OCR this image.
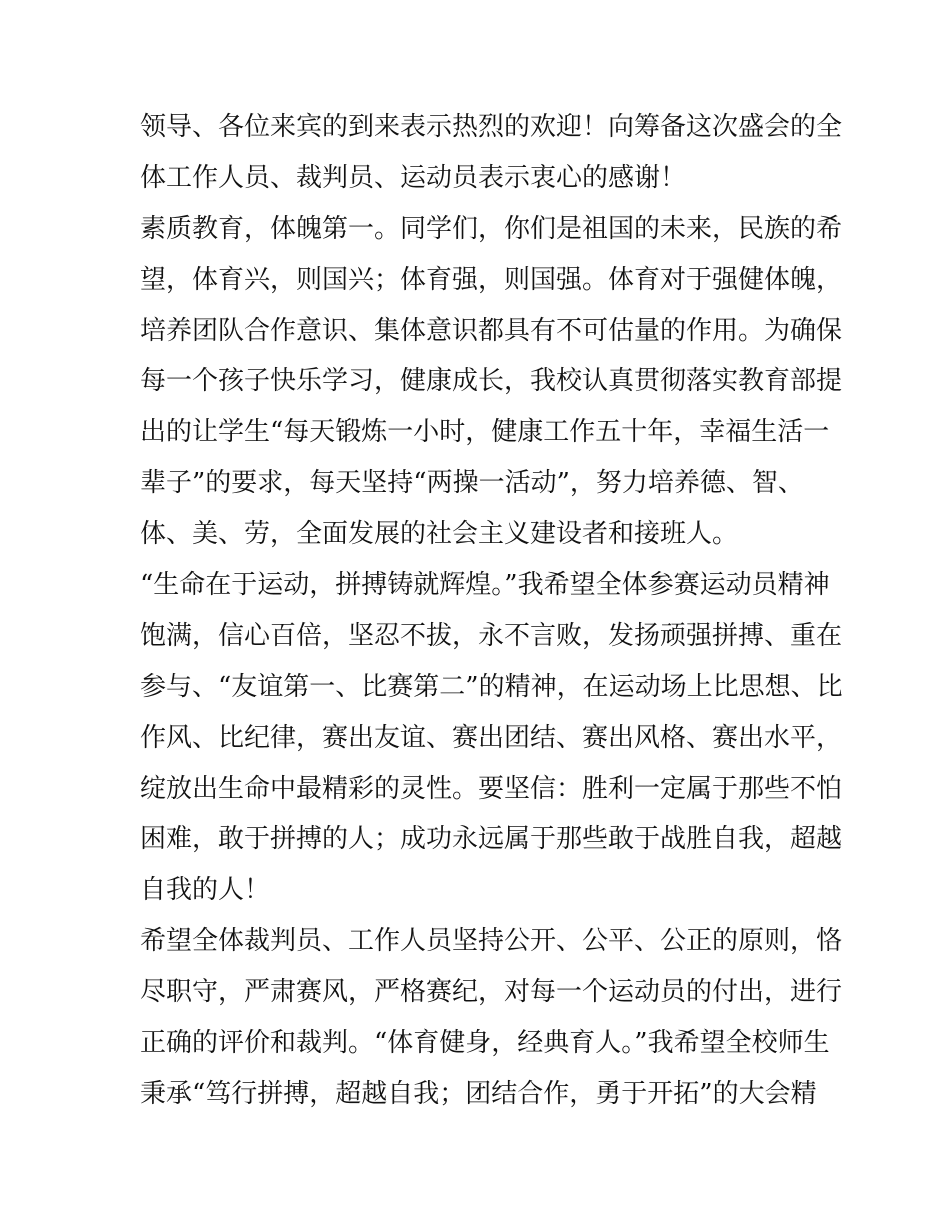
领导、各位来宾的到来表示热烈的欢迎！向筹备这次盛会的全
体工作人员、裁判员、运动员表示衷心的感谢！
素质教育，体魄第一。同学们，你们是祖国的未来，民族的希
望，体育兴，则国兴；体育强，则国强。体育对于强健体魄，
培养团队合作意识、集体意识都具有不可估量的作用。为确保
每一个孩子快乐学习，健康成长，我校认真贯彻落实教育部提
出的让学生“每天锻炼一小时，健康工作五十年，幸福生活一
辈子”的要求，每天坚持“两操一活动”，努力培养德、智、
体、美、劳，全面发展的社会主义建设者和接班人。
“生命在于运动，拼搏铸就辉煌。”我希望全体参赛运动员精神
饱满，信心百倍，坚忍不拔，永不言败，发扬顽强拼搏、重在
参与、“友谊第一、比赛第二”的精神，在运动场上比思想、比
作风、比纪律，赛出友谊、赛出团结、赛出风格、赛出水平，
绽放出生命中最精彩的灵性。要坚信：胜利一定属于那些不怕
困难，敢于拼搏的人；成功永远属于那些敢于战胜自我，超越
自我的人！
希望全体裁判员、工作人员坚持公开、公平、公正的原则，恪
尽职守，严肃赛风，严格赛纪，对每一个运动员的付出，进行
正确的评价和裁判。“体育健身，经典育人。”我希望全校师生
秉承“笃行拼搏，超越自我；团结合作，勇于开拓”的大会精
